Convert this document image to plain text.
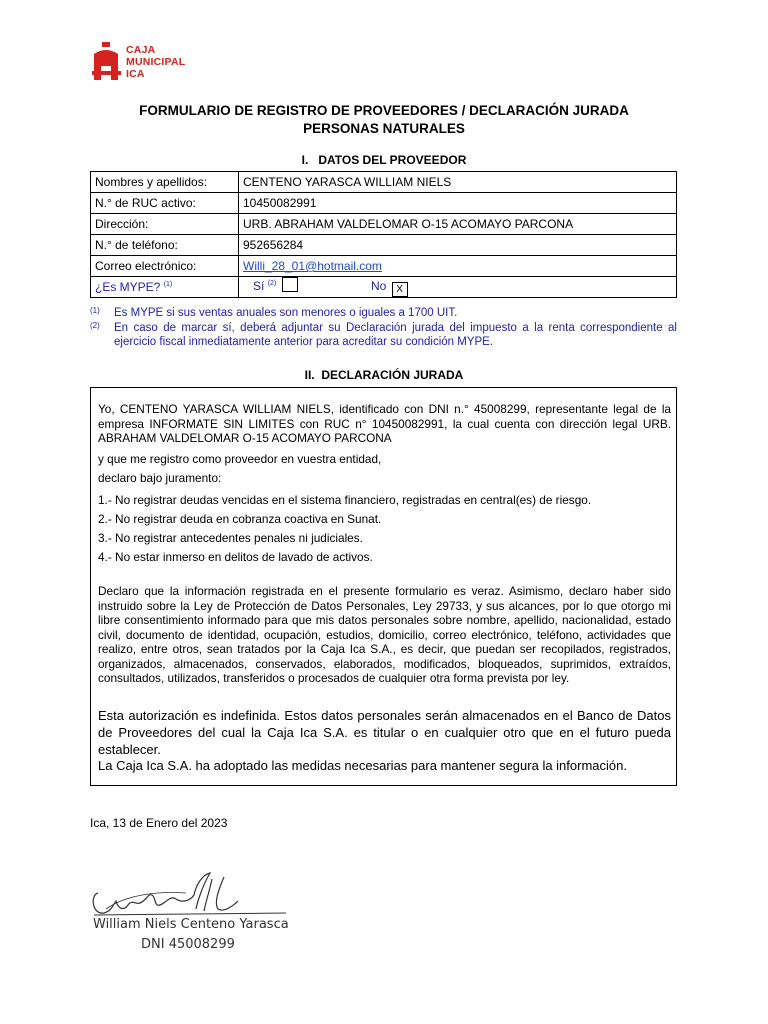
CAJA
MUNICIPAL
ICA
FORMULARIO DE REGISTRO DE PROVEEDORES / DECLARACIÓN JURADA
PERSONAS NATURALES
I. DATOS DEL PROVEEDOR
Nombres y apellidos:	CENTENO YARASCA WILLIAM NIELS
N.° de RUC activo:	10450082991
Dirección:	URB. ABRAHAM VALDELOMAR O-15 ACOMAYO PARCONA
N.° de teléfono:	952656284
Correo electrónico:	Willi_28_01@hotmail.com
¿Es MYPE? $^{(1)}$	Sí $^{(2)}$ No X
(1) Es MYPE si sus ventas anuales son menores o iguales a 1700 UIT.
(2) En caso de marcar sí, deberá adjuntar su Declaración jurada del impuesto a la renta correspondiente al ejercicio fiscal inmediatamente anterior para acreditar su condición MYPE.
II. DECLARACIÓN JURADA
Yo, CENTENO YARASCA WILLIAM NIELS, identificado con DNI n.° 45008299, representante legal de la empresa INFORMATE SIN LIMITES con RUC n° 10450082991, la cual cuenta con dirección legal URB. ABRAHAM VALDELOMAR O-15 ACOMAYO PARCONA
y que me registro como proveedor en vuestra entidad,
declaro bajo juramento:
1.- No registrar deudas vencidas en el sistema financiero, registradas en central(es) de riesgo.
2.- No registrar deuda en cobranza coactiva en Sunat.
3.- No registrar antecedentes penales ni judiciales.
4.- No estar inmerso en delitos de lavado de activos.
Declaro que la información registrada en el presente formulario es veraz. Asimismo, declaro haber sido instruido sobre la Ley de Protección de Datos Personales, Ley 29733, y sus alcances, por lo que otorgo mi libre consentimiento informado para que mis datos personales sobre nombre, apellido, nacionalidad, estado civil, documento de identidad, ocupación, estudios, domicilio, correo electrónico, teléfono, actividades que realizo, entre otros, sean tratados por la Caja Ica S.A., es decir, que puedan ser recopilados, registrados, organizados, almacenados, conservados, elaborados, modificados, bloqueados, suprimidos, extraídos, consultados, utilizados, transferidos o procesados de cualquier otra forma prevista por ley.
Esta autorización es indefinida. Estos datos personales serán almacenados en el Banco de Datos de Proveedores del cual la Caja Ica S.A. es titular o en cualquier otro que en el futuro pueda establecer.
La Caja Ica S.A. ha adoptado las medidas necesarias para mantener segura la información.
Ica, 13 de Enero del 2023
William Niels Centeno Yarasca
DNI 45008299
